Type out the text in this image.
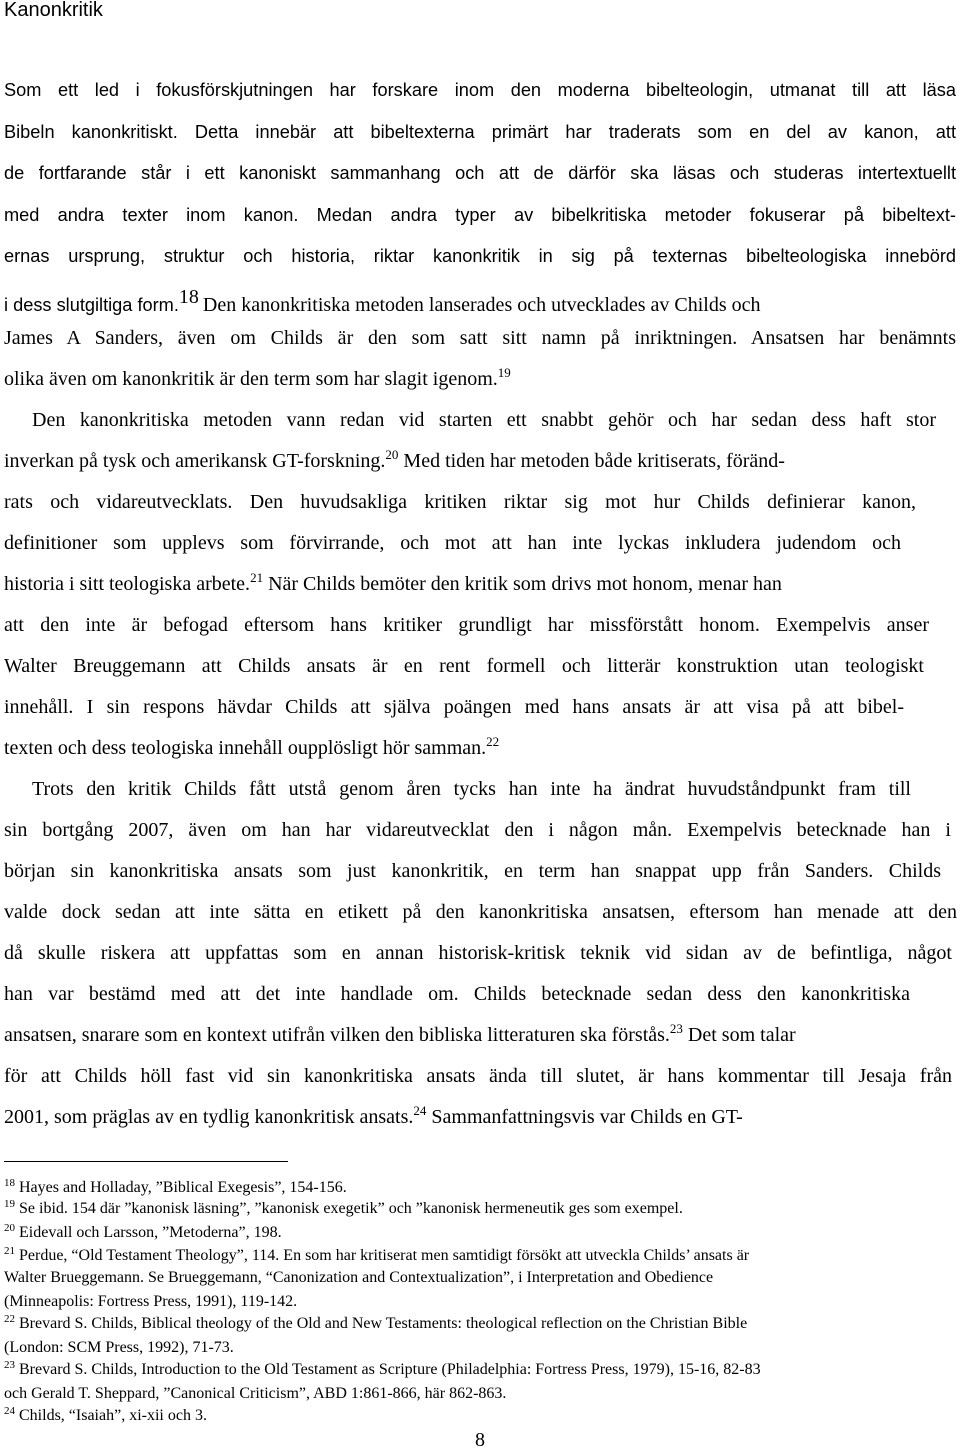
Kanonkritik

Som ett led i fokusförskjutningen har forskare inom den moderna bibelteologin, utmanat till att läsa

Bibeln kanonkritiskt. Detta innebär att bibeltexterna primärt har traderats som en del av kanon, att

de fortfarande står i ett kanoniskt sammanhang och att de därför ska läsas och studeras intertextuellt

med andra texter inom kanon. Medan andra typer av bibelkritiska metoder fokuserar på bibeltext-

ernas ursprung, struktur och historia, riktar kanonkritik in sig på texternas bibelteologiska innebörd

i dess slutgiltiga form.$^{18}$ Den kanonkritiska metoden lanserades och utvecklades av Childs och

James A Sanders, även om Childs är den som satt sitt namn på inriktningen. Ansatsen har benämnts

olika även om kanonkritik är den term som har slagit igenom.$^{19}$

Den kanonkritiska metoden vann redan vid starten ett snabbt gehör och har sedan dess haft stor

inverkan på tysk och amerikansk GT-forskning.$^{20}$ Med tiden har metoden både kritiserats, föränd-

rats och vidareutvecklats. Den huvudsakliga kritiken riktar sig mot hur Childs definierar kanon,

definitioner som upplevs som förvirrande, och mot att han inte lyckas inkludera judendom och

historia i sitt teologiska arbete.$^{21}$ När Childs bemöter den kritik som drivs mot honom, menar han

att den inte är befogad eftersom hans kritiker grundligt har missförstått honom. Exempelvis anser

Walter Breuggemann att Childs ansats är en rent formell och litterär konstruktion utan teologiskt

innehåll. I sin respons hävdar Childs att själva poängen med hans ansats är att visa på att bibel-

texten och dess teologiska innehåll oupplösligt hör samman.$^{22}$

Trots den kritik Childs fått utstå genom åren tycks han inte ha ändrat huvudståndpunkt fram till

sin bortgång 2007, även om han har vidareutvecklat den i någon mån. Exempelvis betecknade han i

början sin kanonkritiska ansats som just kanonkritik, en term han snappat upp från Sanders. Childs

valde dock sedan att inte sätta en etikett på den kanonkritiska ansatsen, eftersom han menade att den

då skulle riskera att uppfattas som en annan historisk-kritisk teknik vid sidan av de befintliga, något

han var bestämd med att det inte handlade om. Childs betecknade sedan dess den kanonkritiska

ansatsen, snarare som en kontext utifrån vilken den bibliska litteraturen ska förstås.$^{23}$ Det som talar

för att Childs höll fast vid sin kanonkritiska ansats ända till slutet, är hans kommentar till Jesaja från

2001, som präglas av en tydlig kanonkritisk ansats.$^{24}$ Sammanfattningsvis var Childs en GT-

$^{18}$ Hayes and Holladay, ”Biblical Exegesis”, 154-156.

$^{19}$ Se ibid. 154 där ”kanonisk läsning”, ”kanonisk exegetik” och ”kanonisk hermeneutik ges som exempel.

$^{20}$ Eidevall och Larsson, ”Metoderna”, 198.

$^{21}$ Perdue, “Old Testament Theology”, 114. En som har kritiserat men samtidigt försökt att utveckla Childs’ ansats är

Walter Brueggemann. Se Brueggemann, “Canonization and Contextualization”, i Interpretation and Obedience

(Minneapolis: Fortress Press, 1991), 119-142.

$^{22}$ Brevard S. Childs, Biblical theology of the Old and New Testaments: theological reflection on the Christian Bible

(London: SCM Press, 1992), 71-73.

$^{23}$ Brevard S. Childs, Introduction to the Old Testament as Scripture (Philadelphia: Fortress Press, 1979), 15-16, 82-83

och Gerald T. Sheppard, ”Canonical Criticism”, ABD 1:861-866, här 862-863.

$^{24}$ Childs, “Isaiah”, xi-xii och 3.

8
